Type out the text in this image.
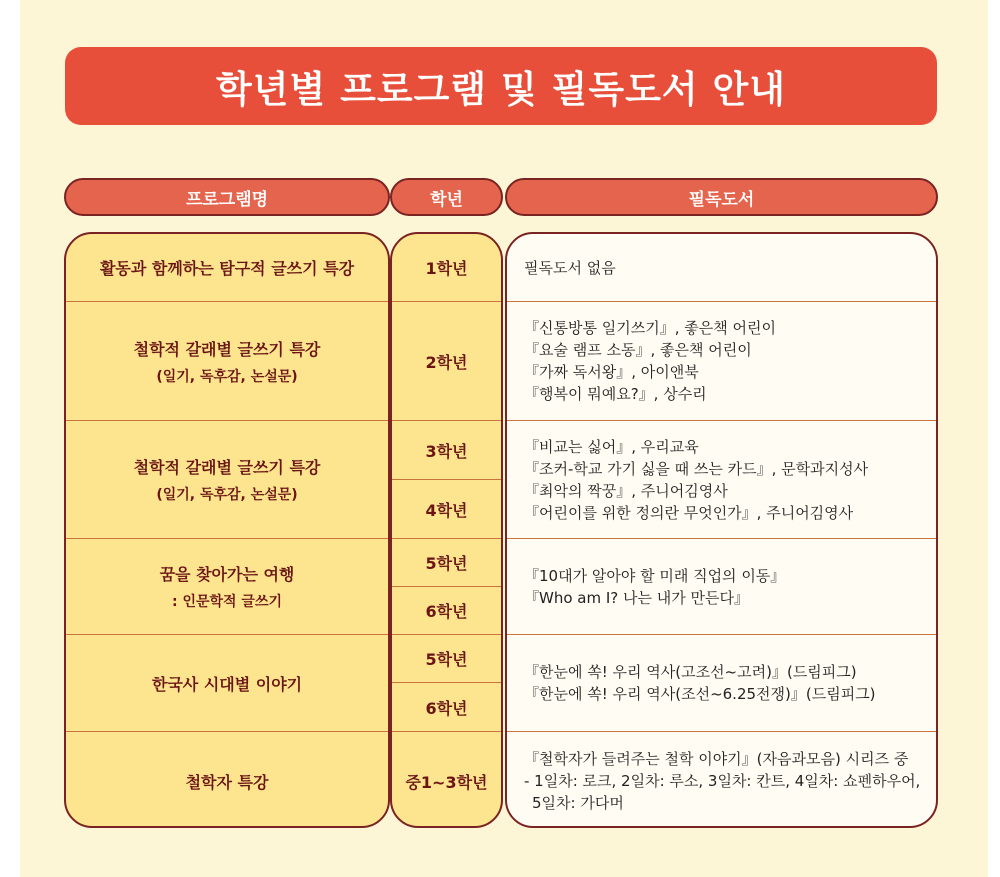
학년별 프로그램 및 필독도서 안내
프로그램명	학년	필독도서
활동과 함께하는 탐구적 글쓰기 특강
철학적 갈래별 글쓰기 특강
(일기, 독후감, 논설문)
철학적 갈래별 글쓰기 특강
(일기, 독후감, 논설문)
꿈을 찾아가는 여행
: 인문학적 글쓰기
한국사 시대별 이야기
철학자 특강
1학년
2학년
3학년
4학년
5학년
6학년
5학년
6학년
중1~3학년
필독도서 없음
『신통방통 일기쓰기』, 좋은책 어린이
『요술 램프 소동』, 좋은책 어린이
『가짜 독서왕』, 아이앤북
『행복이 뭐예요?』, 상수리
『비교는 싫어』, 우리교육
『조커-학교 가기 싫을 때 쓰는 카드』, 문학과지성사
『최악의 짝꿍』, 주니어김영사
『어린이를 위한 정의란 무엇인가』, 주니어김영사
『10대가 알아야 할 미래 직업의 이동』
『Who am I? 나는 내가 만든다』
『한눈에 쏙! 우리 역사(고조선~고려)』(드림피그)
『한눈에 쏙! 우리 역사(조선~6.25전쟁)』(드림피그)
『철학자가 들려주는 철학 이야기』(자음과모음) 시리즈 중
- 1일차: 로크, 2일차: 루소, 3일차: 칸트, 4일차: 쇼펜하우어,
5일차: 가다머
